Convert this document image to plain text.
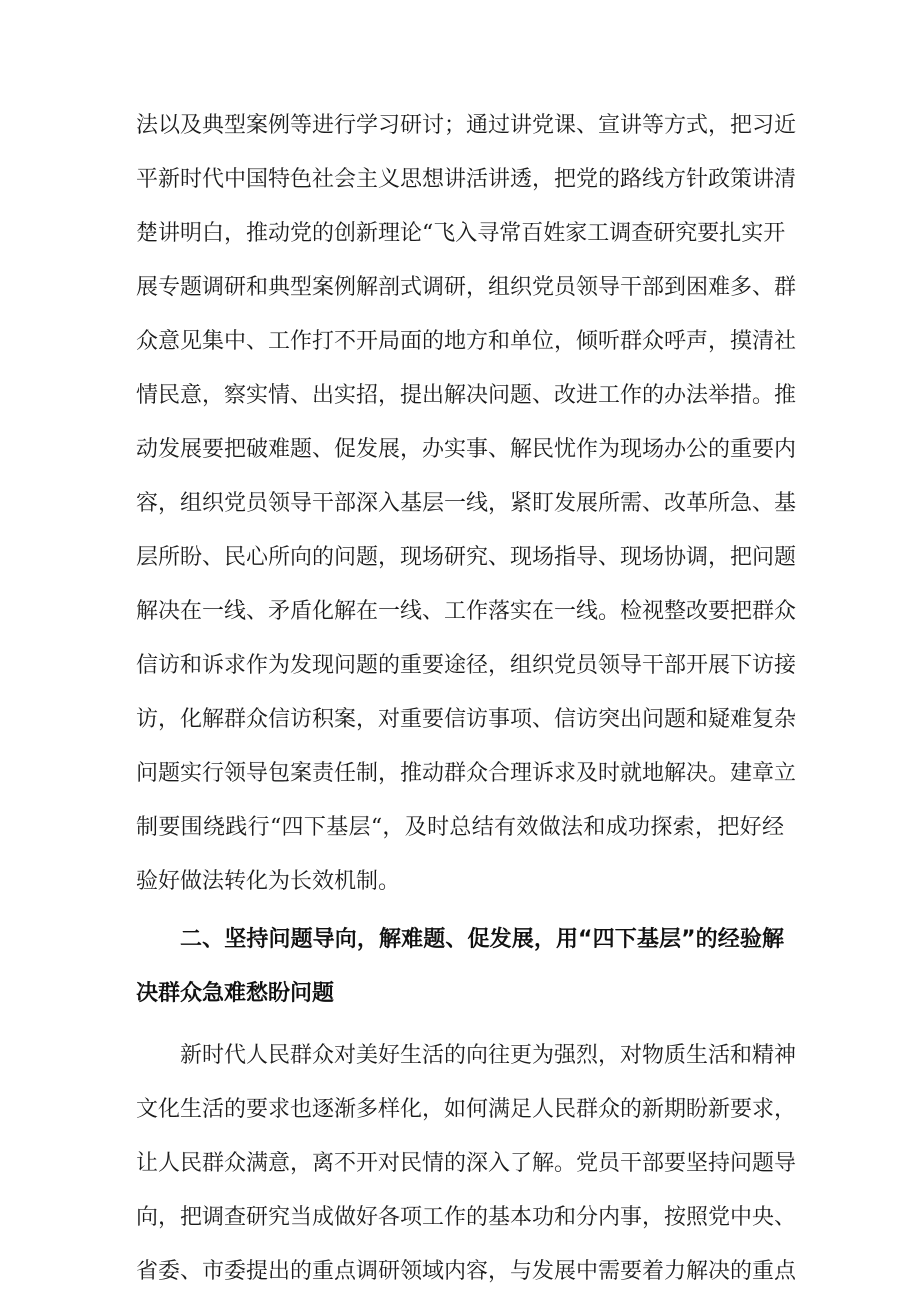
法以及典型案例等进行学习研讨；通过讲党课、宣讲等方式，把习近
平新时代中国特色社会主义思想讲活讲透，把党的路线方针政策讲清
楚讲明白，推动党的创新理论“飞入寻常百姓家工调查研究要扎实开
展专题调研和典型案例解剖式调研，组织党员领导干部到困难多、群
众意见集中、工作打不开局面的地方和单位，倾听群众呼声，摸清社
情民意，察实情、出实招，提出解决问题、改进工作的办法举措。推
动发展要把破难题、促发展，办实事、解民忧作为现场办公的重要内
容，组织党员领导干部深入基层一线，紧盯发展所需、改革所急、基
层所盼、民心所向的问题，现场研究、现场指导、现场协调，把问题
解决在一线、矛盾化解在一线、工作落实在一线。检视整改要把群众
信访和诉求作为发现问题的重要途径，组织党员领导干部开展下访接
访，化解群众信访积案，对重要信访事项、信访突出问题和疑难复杂
问题实行领导包案责任制，推动群众合理诉求及时就地解决。建章立
制要围绕践行“四下基层“，及时总结有效做法和成功探索，把好经
验好做法转化为长效机制。
二、坚持问题导向，解难题、促发展，用“四下基层”的经验解
决群众急难愁盼问题
新时代人民群众对美好生活的向往更为强烈，对物质生活和精神
文化生活的要求也逐渐多样化，如何满足人民群众的新期盼新要求，
让人民群众满意，离不开对民情的深入了解。党员干部要坚持问题导
向，把调查研究当成做好各项工作的基本功和分内事，按照党中央、
省委、市委提出的重点调研领域内容，与发展中需要着力解决的重点
